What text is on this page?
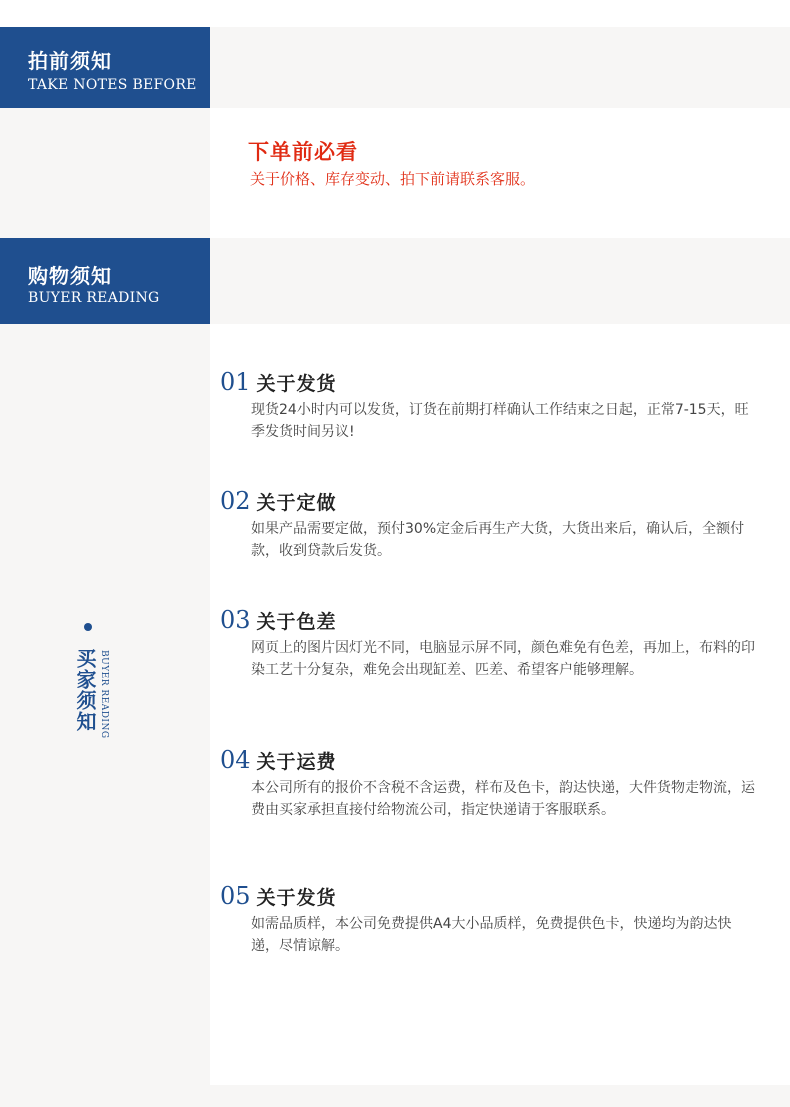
拍前须知
TAKE NOTES BEFORE
下单前必看
关于价格、库存变动、拍下前请联系客服。
购物须知
BUYER READING
买家须知 BUYER READING
01 关于发货
现货24小时内可以发货，订货在前期打样确认工作结束之日起，正常7-15天，旺季发货时间另议!
02 关于定做
如果产品需要定做，预付30%定金后再生产大货，大货出来后，确认后，全额付款，收到贷款后发货。
03 关于色差
网页上的图片因灯光不同，电脑显示屏不同，颜色难免有色差，再加上，布料的印染工艺十分复杂，难免会出现缸差、匹差、希望客户能够理解。
04 关于运费
本公司所有的报价不含税不含运费，样布及色卡，韵达快递，大件货物走物流，运费由买家承担直接付给物流公司，指定快递请于客服联系。
05 关于发货
如需品质样，本公司免费提供A4大小品质样，免费提供色卡，快递均为韵达快递，尽情谅解。
